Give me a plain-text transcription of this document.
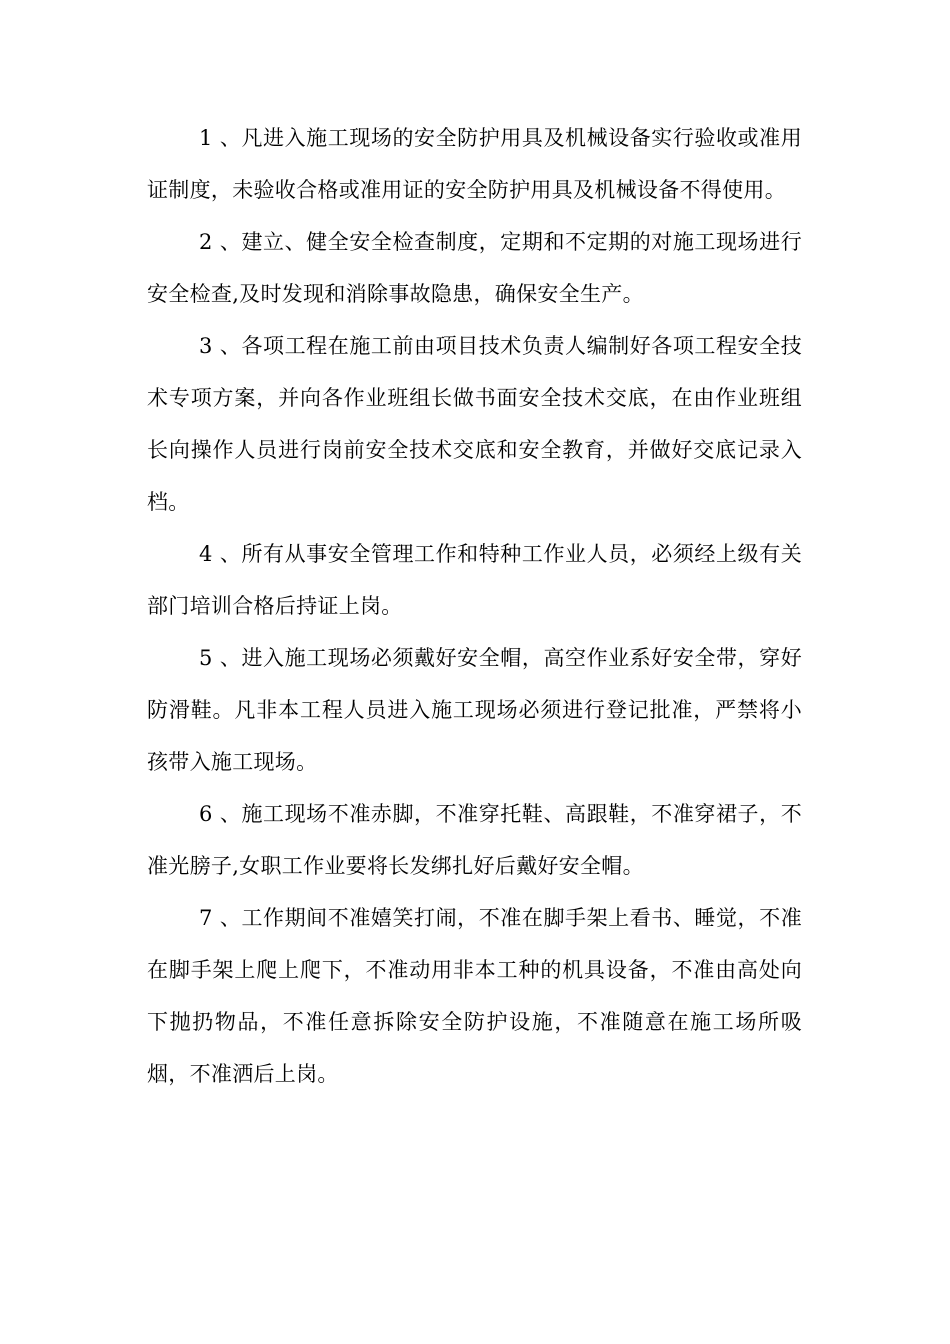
1 、凡进入施工现场的安全防护用具及机械设备实行验收或准用证制度，未验收合格或准用证的安全防护用具及机械设备不得使用。

2 、建立、健全安全检查制度，定期和不定期的对施工现场进行安全检查,及时发现和消除事故隐患，确保安全生产。

3 、各项工程在施工前由项目技术负责人编制好各项工程安全技术专项方案，并向各作业班组长做书面安全技术交底，在由作业班组长向操作人员进行岗前安全技术交底和安全教育，并做好交底记录入档。

4 、所有从事安全管理工作和特种工作业人员，必须经上级有关部门培训合格后持证上岗。

5 、进入施工现场必须戴好安全帽，高空作业系好安全带，穿好防滑鞋。凡非本工程人员进入施工现场必须进行登记批准，严禁将小孩带入施工现场。

6 、施工现场不准赤脚，不准穿托鞋、高跟鞋，不准穿裙子，不准光膀子,女职工作业要将长发绑扎好后戴好安全帽。

7 、工作期间不准嬉笑打闹，不准在脚手架上看书、睡觉，不准在脚手架上爬上爬下，不准动用非本工种的机具设备，不准由高处向下抛扔物品，不准任意拆除安全防护设施，不准随意在施工场所吸烟，不准洒后上岗。
